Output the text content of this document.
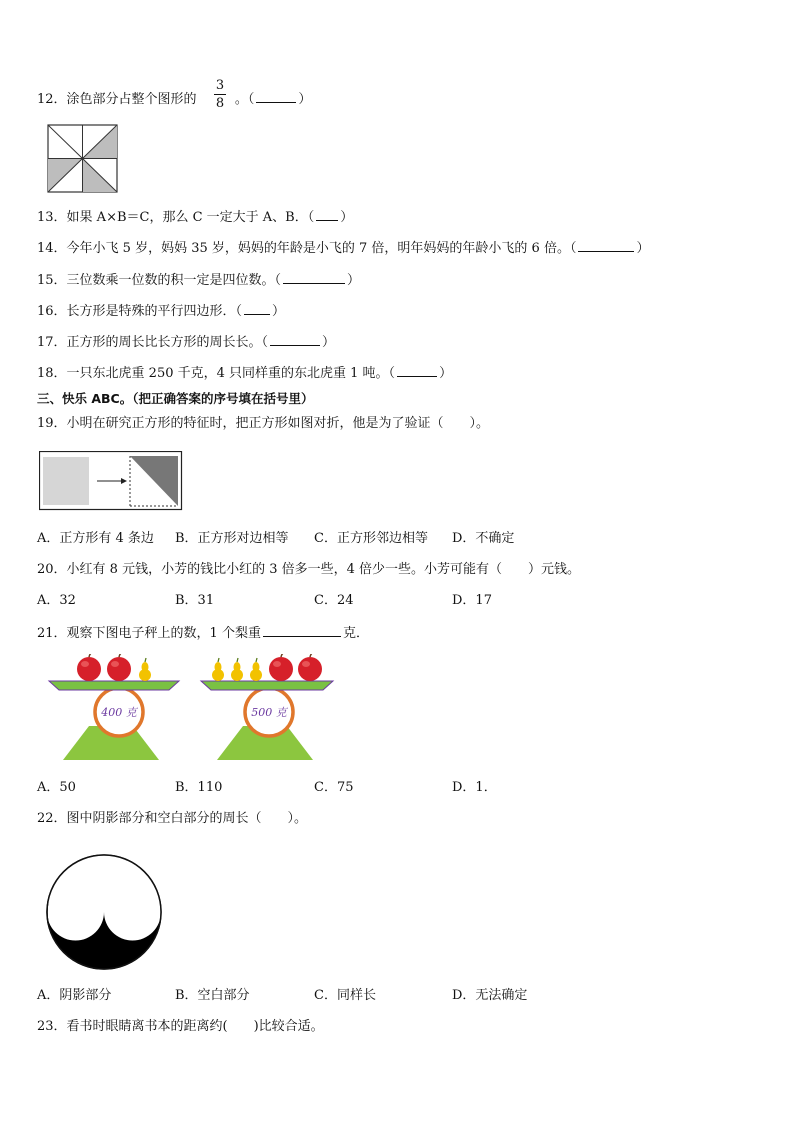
12．涂色部分占整个图形的	。（	）
3
8
13．如果 A×B＝C，那么 C 一定大于 A、B．（ ）
14．今年小飞 5 岁，妈妈 35 岁，妈妈的年龄是小飞的 7 倍，明年妈妈的年龄小飞的 6 倍。（	）
15．三位数乘一位数的积一定是四位数。（	）
16．长方形是特殊的平行四边形．（ ）
17．正方形的周长比长方形的周长长。（	）
18．一只东北虎重 250 千克，4 只同样重的东北虎重 1 吨。（	）
三、快乐 ABC。（把正确答案的序号填在括号里）
19．小明在研究正方形的特征时，把正方形如图对折，他是为了验证（　　）。
A．正方形有 4 条边 B．正方形对边相等 C．正方形邻边相等 D．不确定
20．小红有 8 元钱，小芳的钱比小红的 3 倍多一些，4 倍少一些。小芳可能有（　　）元钱。
A．32	B．31	C．24	D．17
21．观察下图电子秤上的数，1 个梨重	克．
400 克	500 克
A．50	B．110	C．75	D．1．
22．图中阴影部分和空白部分的周长（　　）。
A．阴影部分	B．空白部分	C．同样长	D．无法确定
23．看书时眼睛离书本的距离约(　　)比较合适。
